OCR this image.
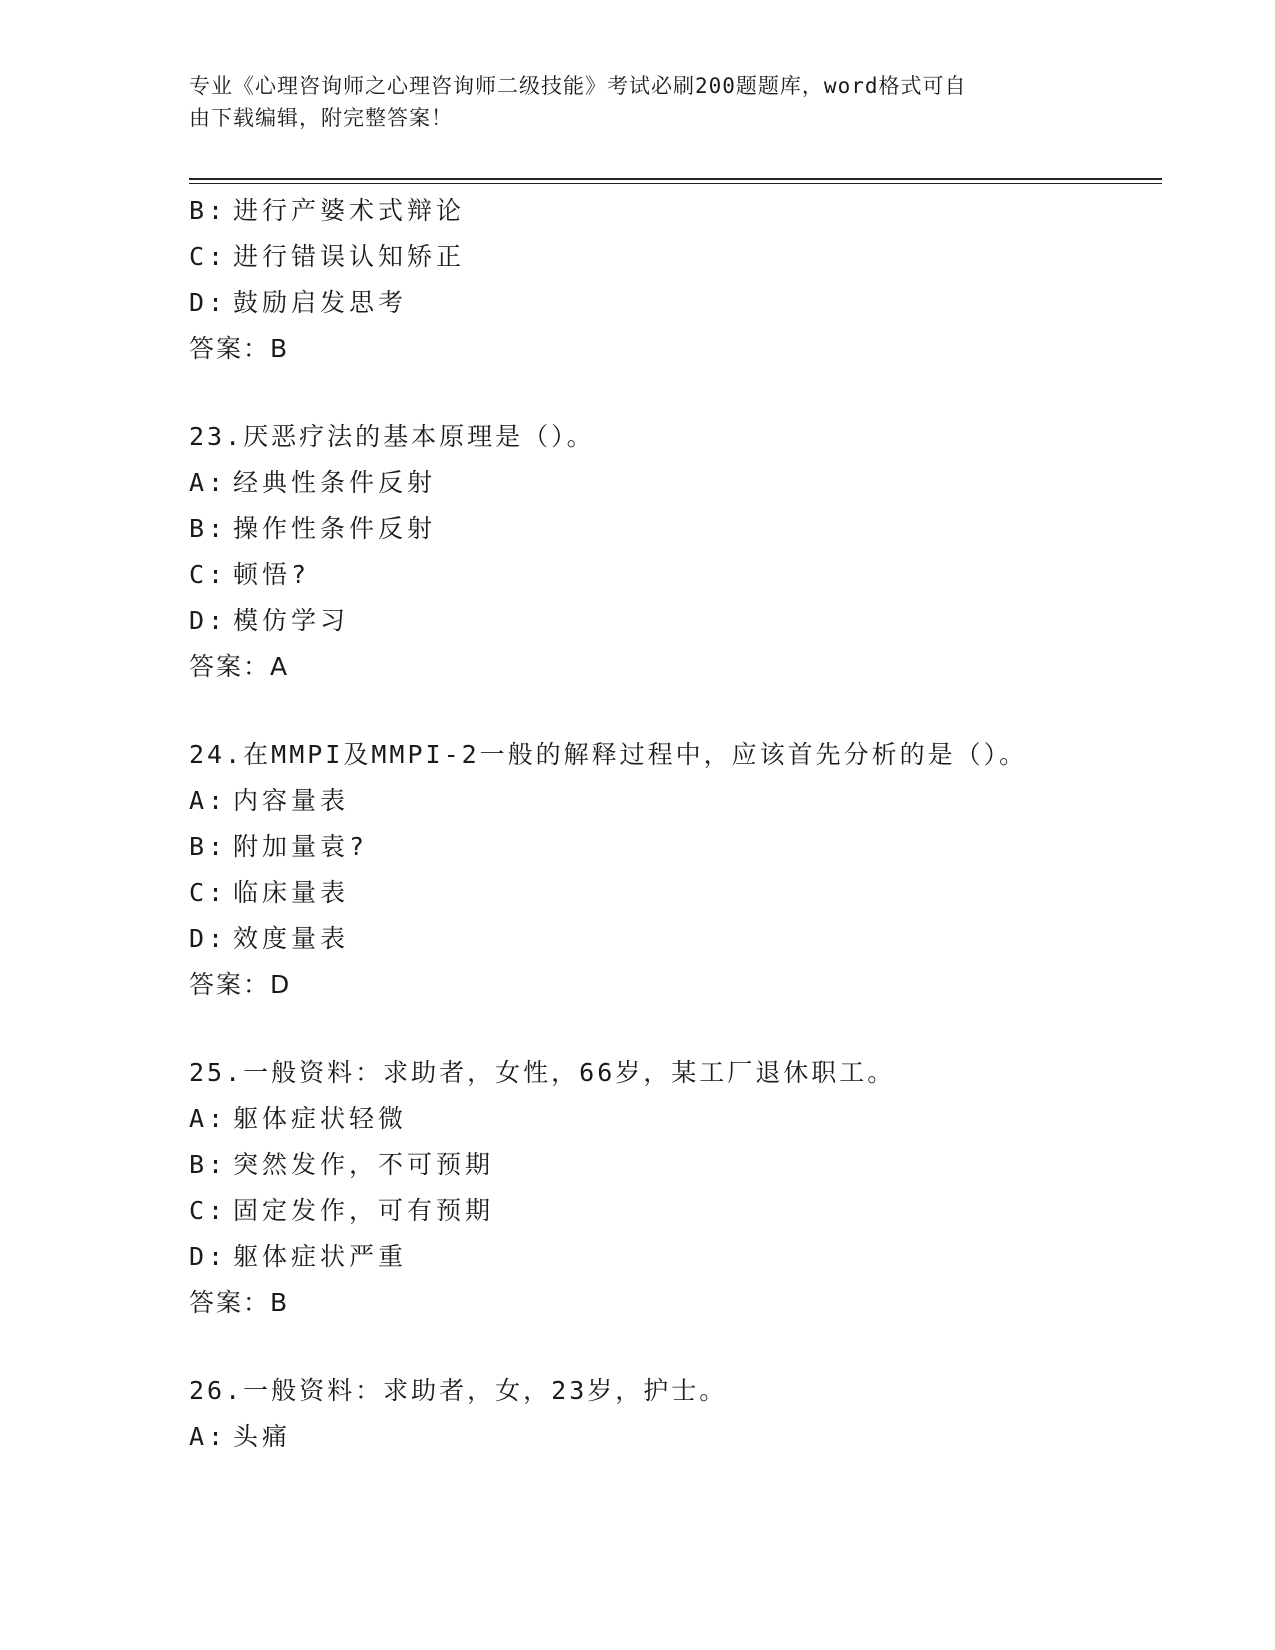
专业《心理咨询师之心理咨询师二级技能》考试必刷200题题库，word格式可自
由下载编辑，附完整答案！
B: 进行产婆术式辩论
C: 进行错误认知矫正
D: 鼓励启发思考
答案：B
23.厌恶疗法的基本原理是（）。
A: 经典性条件反射
B: 操作性条件反射
C: 顿悟?
D: 模仿学习
答案：A
24.在MMPI及MMPI-2一般的解释过程中，应该首先分析的是（）。
A: 内容量表
B: 附加量袁?
C: 临床量表
D: 效度量表
答案：D
25.一般资料：求助者，女性，66岁，某工厂退休职工。
A: 躯体症状轻微
B: 突然发作，不可预期
C: 固定发作，可有预期
D: 躯体症状严重
答案：B
26.一般资料：求助者，女，23岁，护士。
A: 头痛
